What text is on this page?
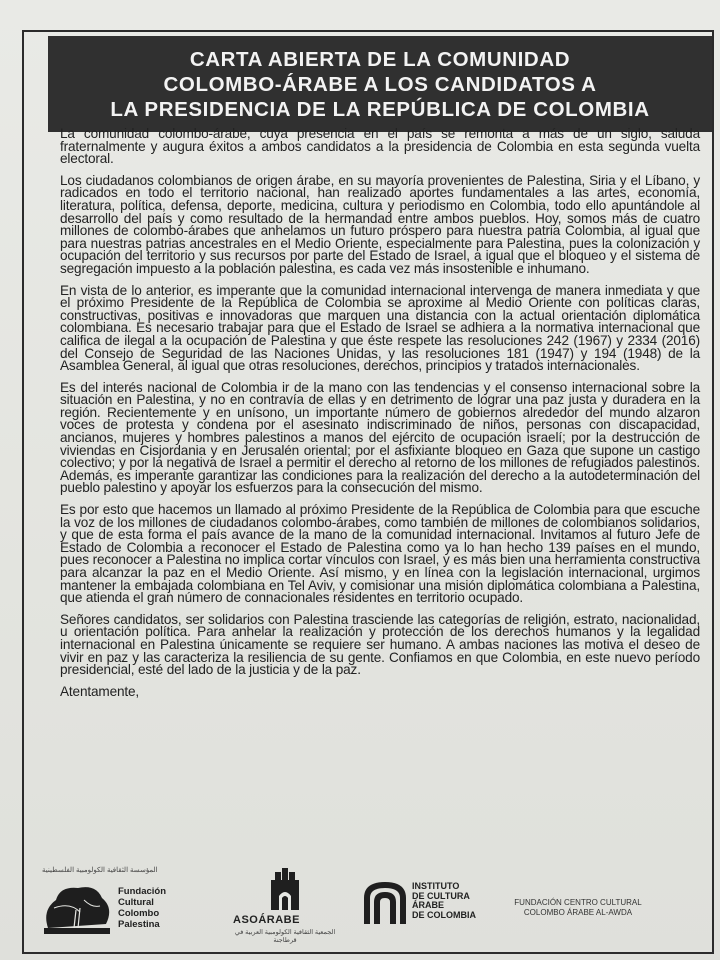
CARTA ABIERTA DE LA COMUNIDAD
COLOMBO-ÁRABE A LOS CANDIDATOS A
LA PRESIDENCIA DE LA REPÚBLICA DE COLOMBIA

La comunidad colombo-árabe, cuya presencia en el país se remonta a más de un siglo, saluda fraternalmente y augura éxitos a ambos candidatos a la presidencia de Colombia en esta segunda vuelta electoral.

Los ciudadanos colombianos de origen árabe, en su mayoría provenientes de Palestina, Siria y el Líbano, y radicados en todo el territorio nacional, han realizado aportes fundamentales a las artes, economía, literatura, política, defensa, deporte, medicina, cultura y periodismo en Colombia, todo ello apuntándole al desarrollo del país y como resultado de la hermandad entre ambos pueblos. Hoy, somos más de cuatro millones de colombo-árabes que anhelamos un futuro próspero para nuestra patria Colombia, al igual que para nuestras patrias ancestrales en el Medio Oriente, especialmente para Palestina, pues la colonización y ocupación del territorio y sus recursos por parte del Estado de Israel, a igual que el bloqueo y el sistema de segregación impuesto a la población palestina, es cada vez más insostenible e inhumano.

En vista de lo anterior, es imperante que la comunidad internacional intervenga de manera inmediata y que el próximo Presidente de la República de Colombia se aproxime al Medio Oriente con políticas claras, constructivas, positivas e innovadoras que marquen una distancia con la actual orientación diplomática colombiana. Es necesario trabajar para que el Estado de Israel se adhiera a la normativa internacional que califica de ilegal a la ocupación de Palestina y que éste respete las resoluciones 242 (1967) y 2334 (2016) del Consejo de Seguridad de las Naciones Unidas, y las resoluciones 181 (1947) y 194 (1948) de la Asamblea General, al igual que otras resoluciones, derechos, principios y tratados internacionales.

Es del interés nacional de Colombia ir de la mano con las tendencias y el consenso internacional sobre la situación en Palestina, y no en contravía de ellas y en detrimento de lograr una paz justa y duradera en la región. Recientemente y en unísono, un importante número de gobiernos alrededor del mundo alzaron voces de protesta y condena por el asesinato indiscriminado de niños, personas con discapacidad, ancianos, mujeres y hombres palestinos a manos del ejército de ocupación israelí; por la destrucción de viviendas en Cisjordania y en Jerusalén oriental; por el asfixiante bloqueo en Gaza que supone un castigo colectivo; y por la negativa de Israel a permitir el derecho al retorno de los millones de refugiados palestinos. Además, es imperante garantizar las condiciones para la realización del derecho a la autodeterminación del pueblo palestino y apoyar los esfuerzos para la consecución del mismo.

Es por esto que hacemos un llamado al próximo Presidente de la República de Colombia para que escuche la voz de los millones de ciudadanos colombo-árabes, como también de millones de colombianos solidarios, y que de esta forma el país avance de la mano de la comunidad internacional. Invitamos al futuro Jefe de Estado de Colombia a reconocer el Estado de Palestina como ya lo han hecho 139 países en el mundo, pues reconocer a Palestina no implica cortar vínculos con Israel, y es más bien una herramienta constructiva para alcanzar la paz en el Medio Oriente. Así mismo, y en línea con la legislación internacional, urgimos mantener la embajada colombiana en Tel Aviv, y comisionar una misión diplomática colombiana a Palestina, que atienda el gran número de connacionales residentes en territorio ocupado.

Señores candidatos, ser solidarios con Palestina trasciende las categorías de religión, estrato, nacionalidad, u orientación política. Para anhelar la realización y protección de los derechos humanos y la legalidad internacional en Palestina únicamente se requiere ser humano. A ambas naciones las motiva el deseo de vivir en paz y las caracteriza la resiliencia de su gente. Confiamos en que Colombia, en este nuevo período presidencial, esté del lado de la justicia y de la paz.

Atentamente,

المؤسسة الثقافية الكولومبية الفلسطينية
Fundación
Cultural
Colombo
Palestina	ASOÁRABE
الجمعية الثقافية الكولومبية العربية في قرطاجنة
INSTITUTO
DE CULTURA
ÁRABE
DE COLOMBIA
FUNDACIÓN CENTRO CULTURAL
COLOMBO ÁRABE AL-AWDA
